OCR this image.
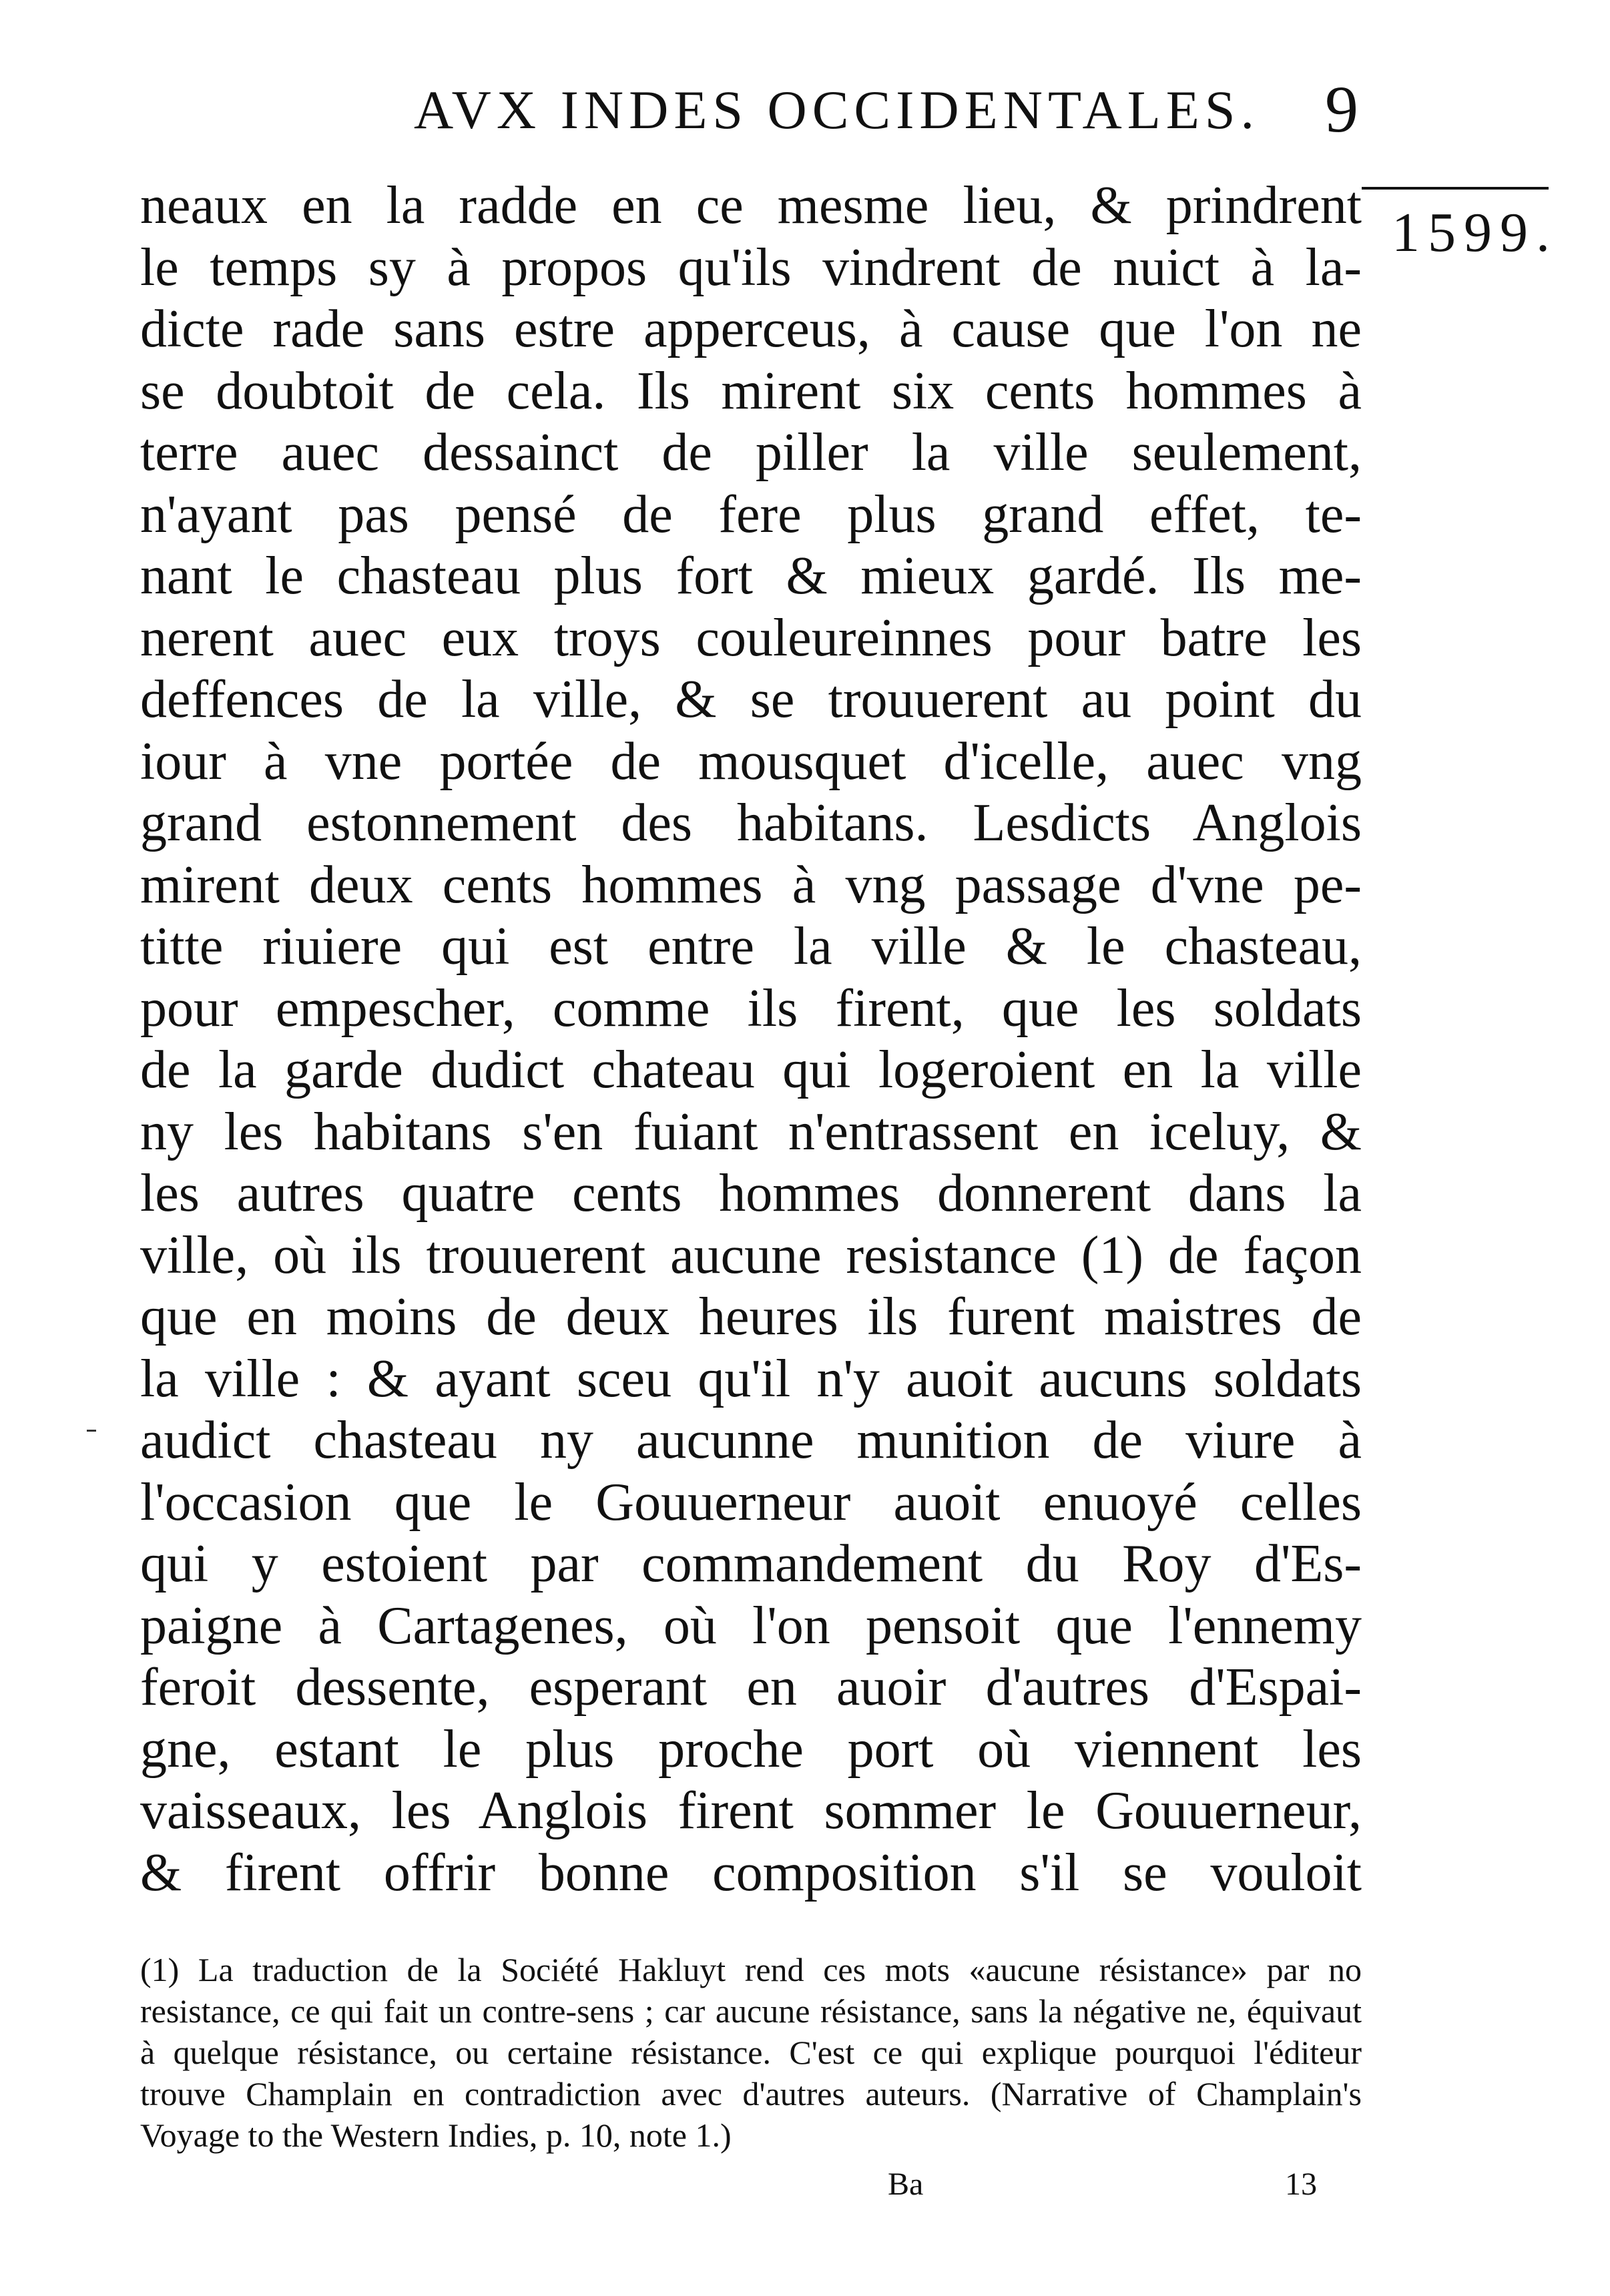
AVX INDES OCCIDENTALES. 9
1599.
neaux en la radde en ce mesme lieu, & prindrent
le temps sy à propos qu'ils vindrent de nuict à la-
dicte rade sans estre apperceus, à cause que l'on ne
se doubtoit de cela. Ils mirent six cents hommes à
terre auec dessainct de piller la ville seulement,
n'ayant pas pensé de fere plus grand effet, te-
nant le chasteau plus fort & mieux gardé. Ils me-
nerent auec eux troys couleureinnes pour batre les
deffences de la ville, & se trouuerent au point du
iour à vne portée de mousquet d'icelle, auec vng
grand estonnement des habitans. Lesdicts Anglois
mirent deux cents hommes à vng passage d'vne pe-
titte riuiere qui est entre la ville & le chasteau,
pour empescher, comme ils firent, que les soldats
de la garde dudict chateau qui logeroient en la ville
ny les habitans s'en fuiant n'entrassent en iceluy, &
les autres quatre cents hommes donnerent dans la
ville, où ils trouuerent aucune resistance (1) de façon
que en moins de deux heures ils furent maistres de
la ville : & ayant sceu qu'il n'y auoit aucuns soldats
audict chasteau ny aucunne munition de viure à
l'occasion que le Gouuerneur auoit enuoyé celles
qui y estoient par commandement du Roy d'Es-
paigne à Cartagenes, où l'on pensoit que l'ennemy
feroit dessente, esperant en auoir d'autres d'Espai-
gne, estant le plus proche port où viennent les
vaisseaux, les Anglois firent sommer le Gouuerneur,
& firent offrir bonne composition s'il se vouloit
(1) La traduction de la Société Hakluyt rend ces mots «aucune résistance» par no
resistance, ce qui fait un contre-sens ; car aucune résistance, sans la négative ne, équivaut
à quelque résistance, ou certaine résistance. C'est ce qui explique pourquoi l'éditeur
trouve Champlain en contradiction avec d'autres auteurs. (Narrative of Champlain's
Voyage to the Western Indies, p. 10, note 1.)
Ba	13
